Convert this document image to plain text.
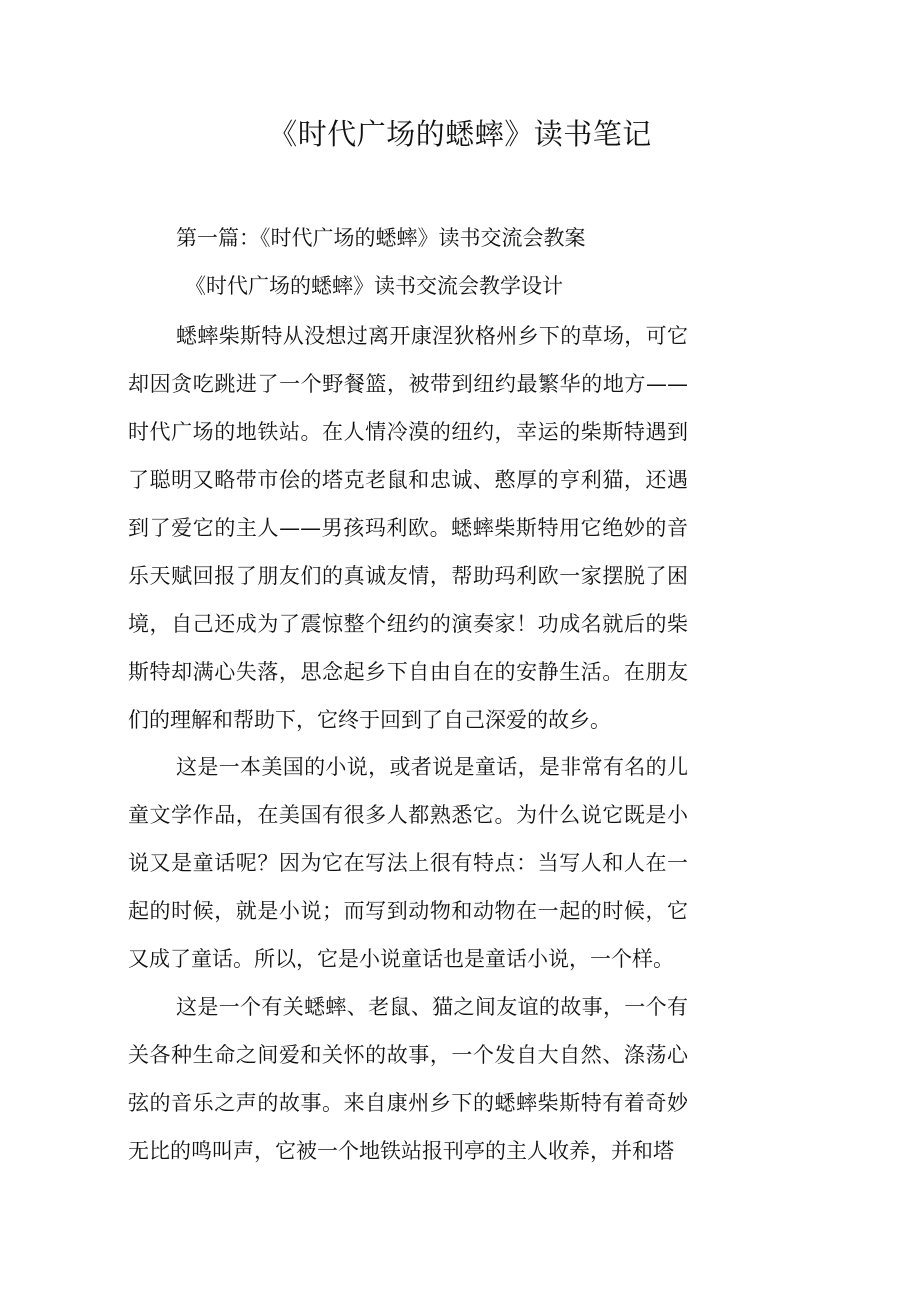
《时代广场的蟋蟀》读书笔记

第一篇：《时代广场的蟋蟀》读书交流会教案

《时代广场的蟋蟀》读书交流会教学设计

蟋蟀柴斯特从没想过离开康涅狄格州乡下的草场，可它却因贪吃跳进了一个野餐篮，被带到纽约最繁华的地方——时代广场的地铁站。在人情冷漠的纽约，幸运的柴斯特遇到了聪明又略带市侩的塔克老鼠和忠诚、憨厚的亨利猫，还遇到了爱它的主人——男孩玛利欧。蟋蟀柴斯特用它绝妙的音乐天赋回报了朋友们的真诚友情，帮助玛利欧一家摆脱了困境，自己还成为了震惊整个纽约的演奏家！功成名就后的柴斯特却满心失落，思念起乡下自由自在的安静生活。在朋友们的理解和帮助下，它终于回到了自己深爱的故乡。

这是一本美国的小说，或者说是童话，是非常有名的儿童文学作品，在美国有很多人都熟悉它。为什么说它既是小说又是童话呢？因为它在写法上很有特点：当写人和人在一起的时候，就是小说；而写到动物和动物在一起的时候，它又成了童话。所以，它是小说童话也是童话小说，一个样。

这是一个有关蟋蟀、老鼠、猫之间友谊的故事，一个有关各种生命之间爱和关怀的故事，一个发自大自然、涤荡心弦的音乐之声的故事。来自康州乡下的蟋蟀柴斯特有着奇妙无比的鸣叫声，它被一个地铁站报刊亭的主人收养，并和塔
